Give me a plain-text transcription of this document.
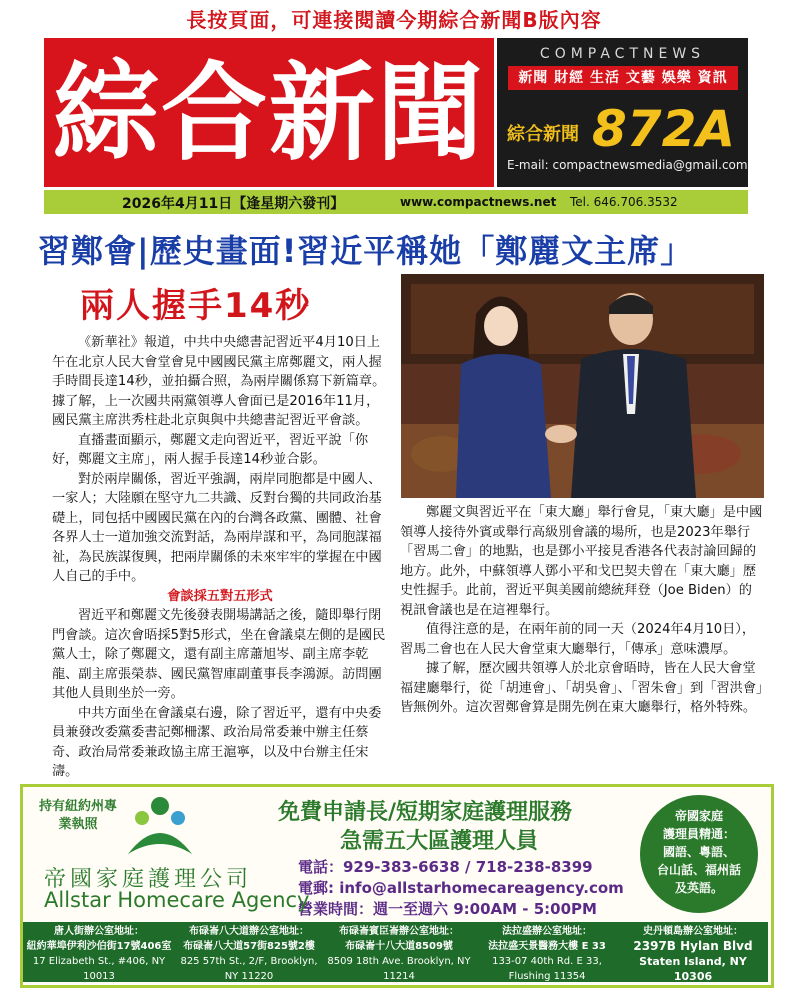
長按頁面，可連接閱讀今期綜合新聞B版內容
綜合新聞	COMPACTNEWS
新聞 財經 生活 文藝 娛樂 資訊
綜合新聞 872A
E-mail: compactnewsmedia@gmail.com
2026年4月11日【逢星期六發刊】	www.compactnews.net Tel. 646.706.3532
習鄭會|歷史畫面!習近平稱她「鄭麗文主席」
兩人握手14秒

《新華社》報道，中共中央總書記習近平4月10日上午在北京人民大會堂會見中國國民黨主席鄭麗文，兩人握手時間長達14秒，並拍攝合照，為兩岸關係寫下新篇章。據了解，上一次國共兩黨領導人會面已是2016年11月，國民黨主席洪秀柱赴北京與與中共總書記習近平會談。

直播畫面顯示，鄭麗文走向習近平，習近平說「你好，鄭麗文主席」，兩人握手長達14秒並合影。

對於兩岸關係，習近平強調，兩岸同胞都是中國人、一家人；大陸願在堅守九二共識、反對台獨的共同政治基礎上，同包括中國國民黨在內的台灣各政黨、團體、社會各界人士一道加強交流對話，為兩岸謀和平，為同胞謀福祉，為民族謀復興，把兩岸關係的未來牢牢的掌握在中國人自己的手中。

會談採五對五形式

習近平和鄭麗文先後發表開場講話之後，隨即舉行閉門會談。這次會晤採5對5形式，坐在會議桌左側的是國民黨人士，除了鄭麗文，還有副主席蕭旭岑、副主席李乾龍、副主席張榮恭、國民黨智庫副董事長李鴻源。訪問團其他人員則坐於一旁。

中共方面坐在會議桌右邊，除了習近平，還有中央委員兼發改委黨委書記鄭柵潔、政治局常委兼中辦主任蔡奇、政治局常委兼政協主席王滬寧，以及中台辦主任宋濤。

鄭麗文與習近平在「東大廳」舉行會見，「東大廳」是中國領導人接待外賓或舉行高級別會議的場所，也是2023年舉行「習馬二會」的地點，也是鄧小平接見香港各代表討論回歸的地方。此外，中蘇領導人鄧小平和戈巴契夫曾在「東大廳」歷史性握手。此前，習近平與美國前總統拜登（Joe Biden）的視訊會議也是在這裡舉行。

值得注意的是，在兩年前的同一天（2024年4月10日），習馬二會也在人民大會堂東大廳舉行，「傳承」意味濃厚。

據了解，歷次國共領導人於北京會晤時，皆在人民大會堂福建廳舉行，從「胡連會」、「胡吳會」、「習朱會」到「習洪會」皆無例外。這次習鄭會算是開先例在東大廳舉行，格外特殊。

持有紐約州專業執照	免費申請長/短期家庭護理服務
急需五大區護理人員
電話：929-383-6638 / 718-238-8399
電郵: info@allstarhomecareagency.com
營業時間：週一至週六 9:00AM - 5:00PM
帝國家庭護理公司
Allstar Homecare Agency
帝國家庭
護理員精通：
國語、粵語、
台山話、福州話
及英語。
唐人街辦公室地址：
紐約華埠伊利沙伯街17號406室
17 Elizabeth St., #406, NY 10013
布碌崙八大道辦公室地址：
布碌崙八大道57街825號2樓
825 57th St., 2/F, Brooklyn, NY 11220
布碌崙賓臣崙辦公室地址：
布碌崙十八大道8509號
8509 18th Ave. Brooklyn, NY 11214
法拉盛辦公室地址：
法拉盛天景醫務大樓 E 33
133-07 40th Rd. E 33, Flushing 11354
史丹頓島辦公室地址：
2397B Hylan Blvd
Staten Island, NY 10306
